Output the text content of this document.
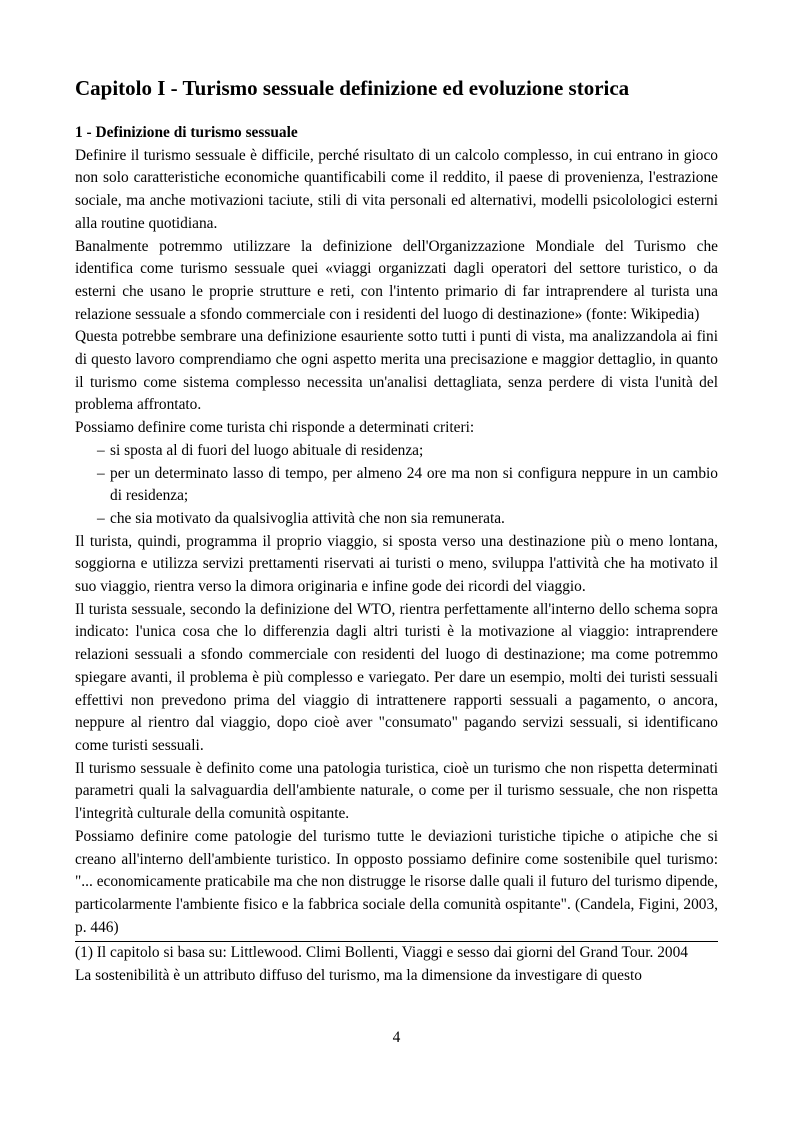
Capitolo I - Turismo sessuale definizione ed evoluzione storica
1 - Definizione di turismo sessuale

Definire il turismo sessuale è difficile, perché risultato di un calcolo complesso, in cui entrano in gioco non solo caratteristiche economiche quantificabili come il reddito, il paese di provenienza, l'estrazione sociale, ma anche motivazioni taciute, stili di vita personali ed alternativi, modelli psicolologici esterni alla routine quotidiana.

Banalmente potremmo utilizzare la definizione dell'Organizzazione Mondiale del Turismo che identifica come turismo sessuale quei «viaggi organizzati dagli operatori del settore turistico, o da esterni che usano le proprie strutture e reti, con l'intento primario di far intraprendere al turista una relazione sessuale a sfondo commerciale con i residenti del luogo di destinazione» (fonte: Wikipedia)

Questa potrebbe sembrare una definizione esauriente sotto tutti i punti di vista, ma analizzandola ai fini di questo lavoro comprendiamo che ogni aspetto merita una precisazione e maggior dettaglio, in quanto il turismo come sistema complesso necessita un'analisi dettagliata, senza perdere di vista l'unità del problema affrontato.

Possiamo definire come turista chi risponde a determinati criteri:

– si sposta al di fuori del luogo abituale di residenza;
– per un determinato lasso di tempo, per almeno 24 ore ma non si configura neppure in un cambio di residenza;
– che sia motivato da qualsivoglia attività che non sia remunerata.

Il turista, quindi, programma il proprio viaggio, si sposta verso una destinazione più o meno lontana, soggiorna e utilizza servizi prettamenti riservati ai turisti o meno, sviluppa l'attività che ha motivato il suo viaggio, rientra verso la dimora originaria e infine gode dei ricordi del viaggio.

Il turista sessuale, secondo la definizione del WTO, rientra perfettamente all'interno dello schema sopra indicato: l'unica cosa che lo differenzia dagli altri turisti è la motivazione al viaggio: intraprendere relazioni sessuali a sfondo commerciale con residenti del luogo di destinazione; ma come potremmo spiegare avanti, il problema è più complesso e variegato. Per dare un esempio, molti dei turisti sessuali effettivi non prevedono prima del viaggio di intrattenere rapporti sessuali a pagamento, o ancora, neppure al rientro dal viaggio, dopo cioè aver "consumato" pagando servizi sessuali, si identificano come turisti sessuali.

Il turismo sessuale è definito come una patologia turistica, cioè un turismo che non rispetta determinati parametri quali la salvaguardia dell'ambiente naturale, o come per il turismo sessuale, che non rispetta l'integrità culturale della comunità ospitante.

Possiamo definire come patologie del turismo tutte le deviazioni turistiche tipiche o atipiche che si creano all'interno dell'ambiente turistico. In opposto possiamo definire come sostenibile quel turismo: "... economicamente praticabile ma che non distrugge le risorse dalle quali il futuro del turismo dipende, particolarmente l'ambiente fisico e la fabbrica sociale della comunità ospitante". (Candela, Figini, 2003, p. 446)

(1) Il capitolo si basa su: Littlewood. Climi Bollenti, Viaggi e sesso dai giorni del Grand Tour. 2004

La sostenibilità è un attributo diffuso del turismo, ma la dimensione da investigare di questo

4
